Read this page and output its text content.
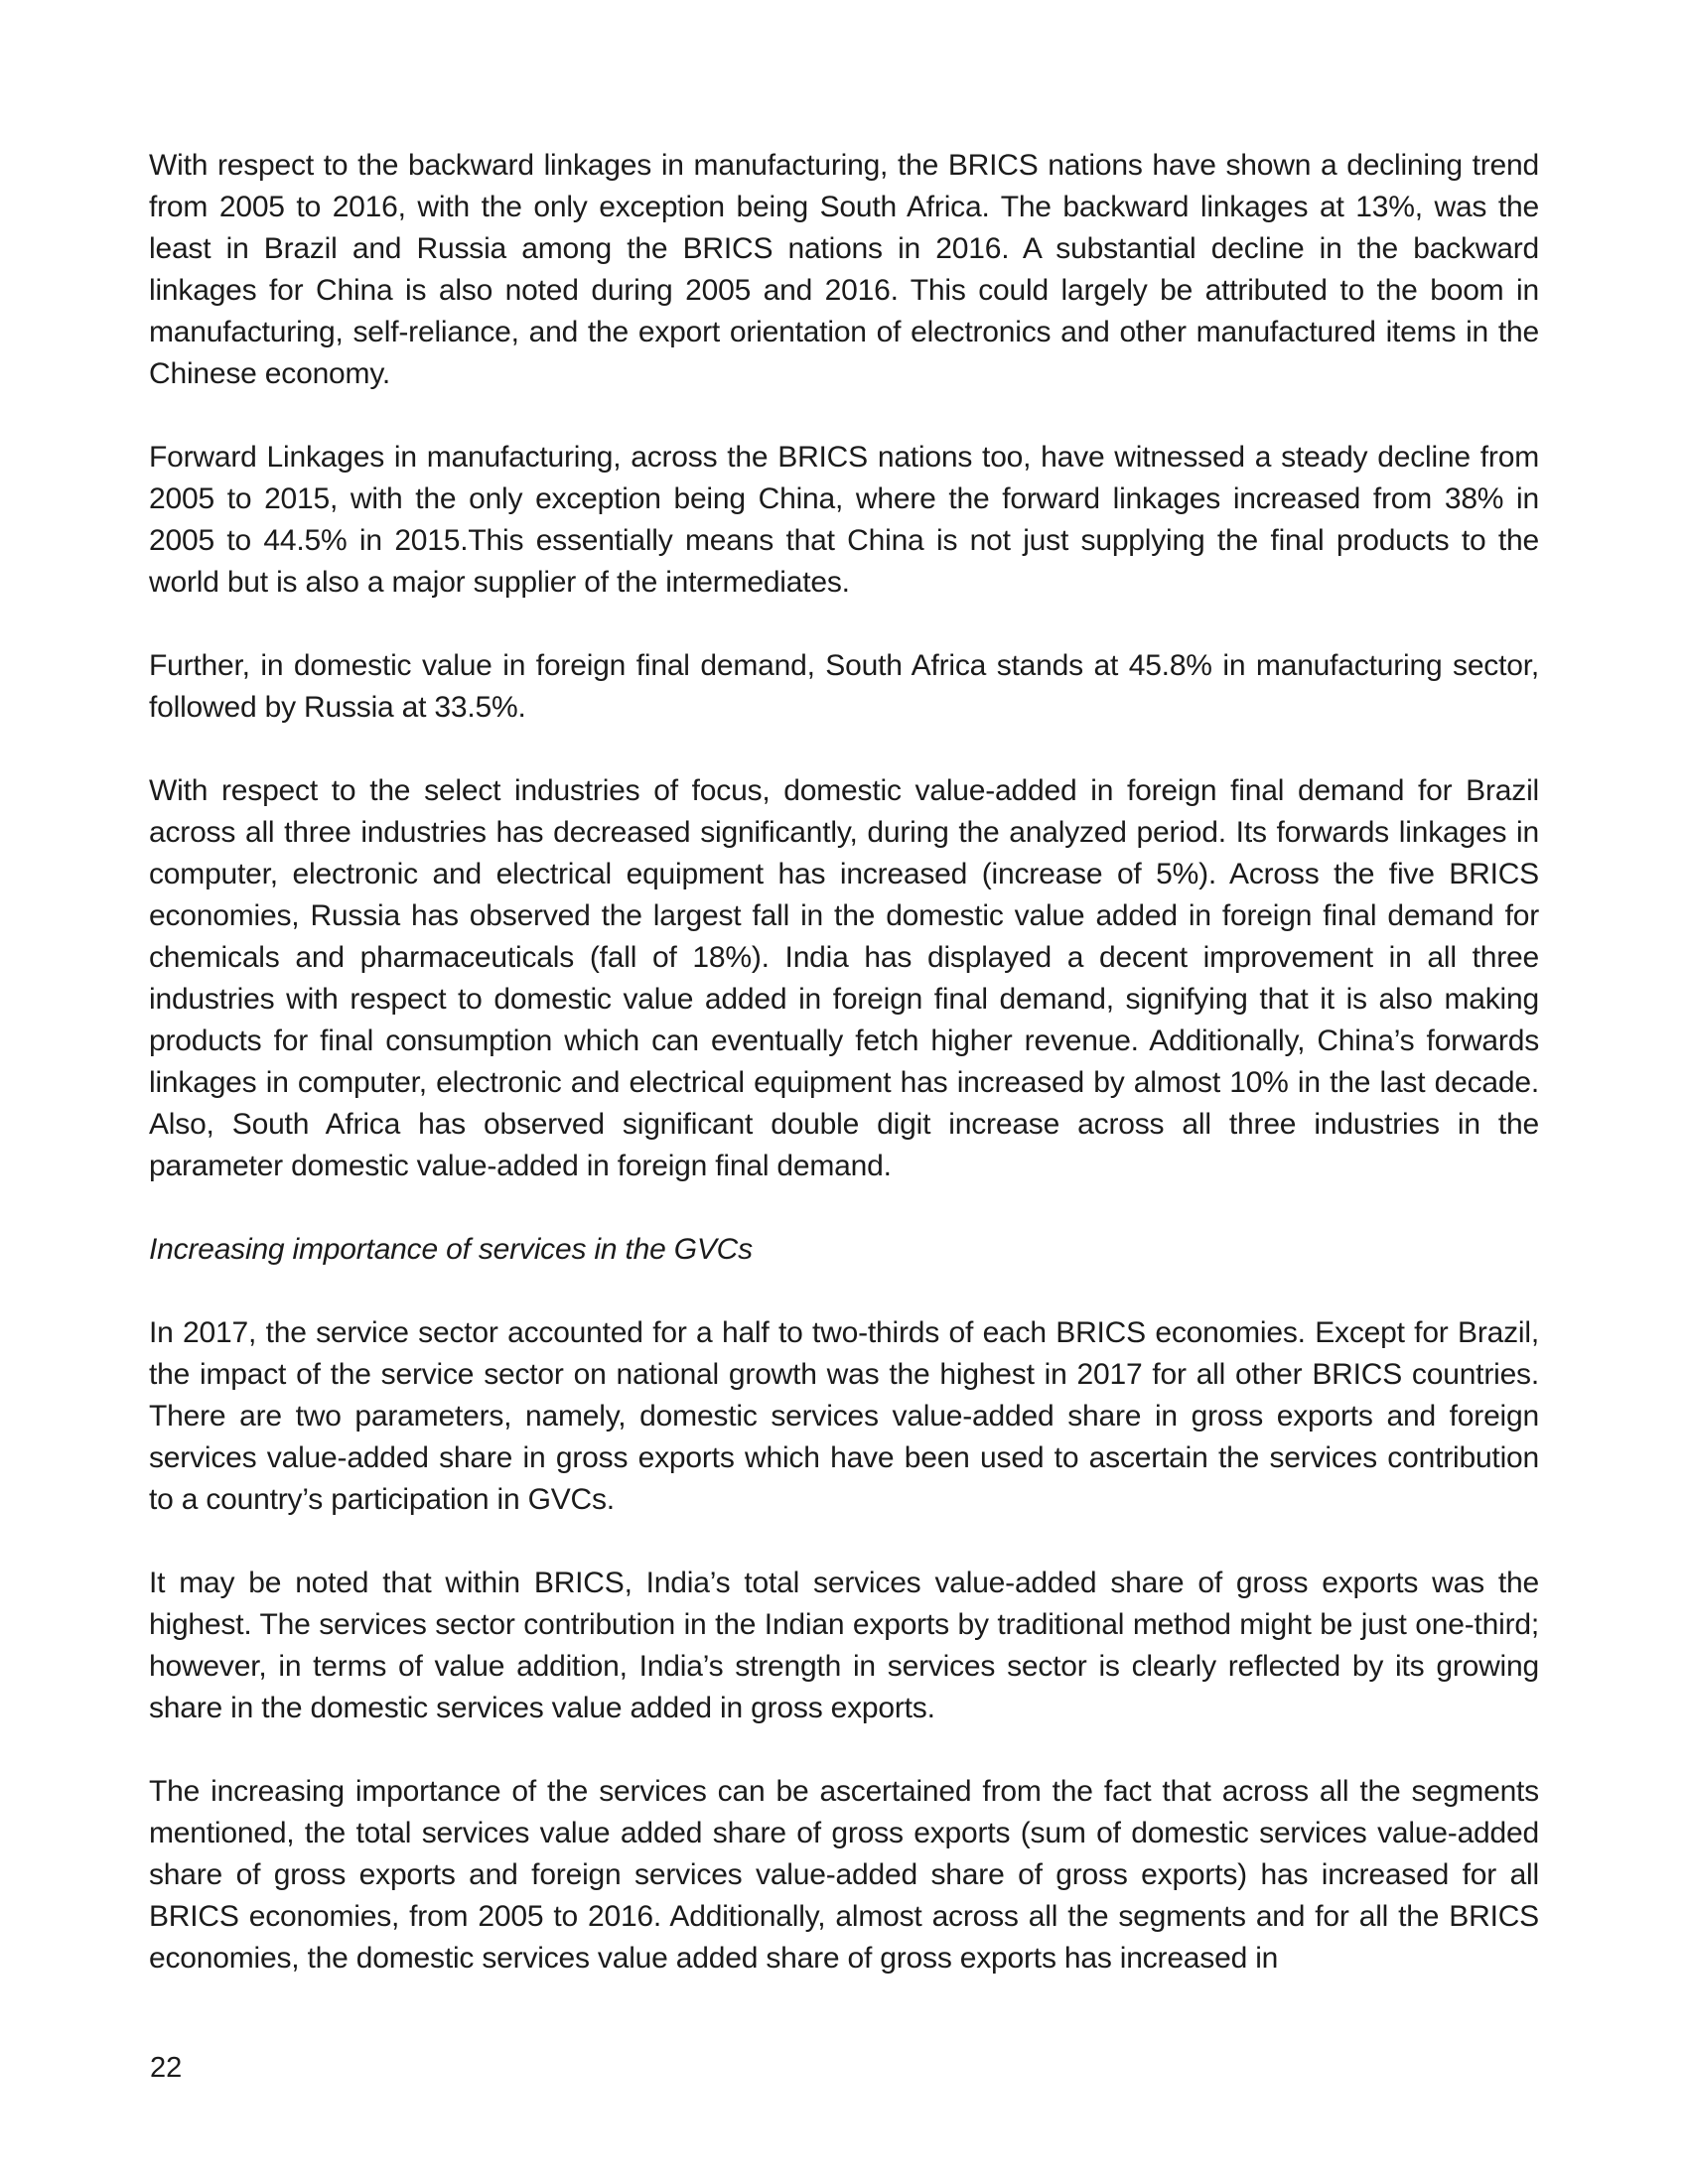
With respect to the backward linkages in manufacturing, the BRICS nations have shown a declining trend from 2005 to 2016, with the only exception being South Africa. The backward linkages at 13%, was the least in Brazil and Russia among the BRICS nations in 2016. A substantial decline in the backward linkages for China is also noted during 2005 and 2016. This could largely be attributed to the boom in manufacturing, self-reliance, and the export orientation of electronics and other manufactured items in the Chinese economy.

Forward Linkages in manufacturing, across the BRICS nations too, have witnessed a steady decline from 2005 to 2015, with the only exception being China, where the forward linkages increased from 38% in 2005 to 44.5% in 2015.This essentially means that China is not just supplying the final products to the world but is also a major supplier of the intermediates.

Further, in domestic value in foreign final demand, South Africa stands at 45.8% in manufacturing sector, followed by Russia at 33.5%.

With respect to the select industries of focus, domestic value-added in foreign final demand for Brazil across all three industries has decreased significantly, during the analyzed period. Its forwards linkages in computer, electronic and electrical equipment has increased (increase of 5%). Across the five BRICS economies, Russia has observed the largest fall in the domestic value added in foreign final demand for chemicals and pharmaceuticals (fall of 18%). India has displayed a decent improvement in all three industries with respect to domestic value added in foreign final demand, signifying that it is also making products for final consumption which can eventually fetch higher revenue. Additionally, China’s forwards linkages in computer, electronic and electrical equipment has increased by almost 10% in the last decade. Also, South Africa has observed significant double digit increase across all three industries in the parameter domestic value-added in foreign final demand.

Increasing importance of services in the GVCs

In 2017, the service sector accounted for a half to two-thirds of each BRICS economies. Except for Brazil, the impact of the service sector on national growth was the highest in 2017 for all other BRICS countries. There are two parameters, namely, domestic services value-added share in gross exports and foreign services value-added share in gross exports which have been used to ascertain the services contribution to a country’s participation in GVCs.

It may be noted that within BRICS, India’s total services value-added share of gross exports was the highest. The services sector contribution in the Indian exports by traditional method might be just one-third; however, in terms of value addition, India’s strength in services sector is clearly reflected by its growing share in the domestic services value added in gross exports.

The increasing importance of the services can be ascertained from the fact that across all the segments mentioned, the total services value added share of gross exports (sum of domestic services value-added share of gross exports and foreign services value-added share of gross exports) has increased for all BRICS economies, from 2005 to 2016. Additionally, almost across all the segments and for all the BRICS economies, the domestic services value added share of gross exports has increased in

22
